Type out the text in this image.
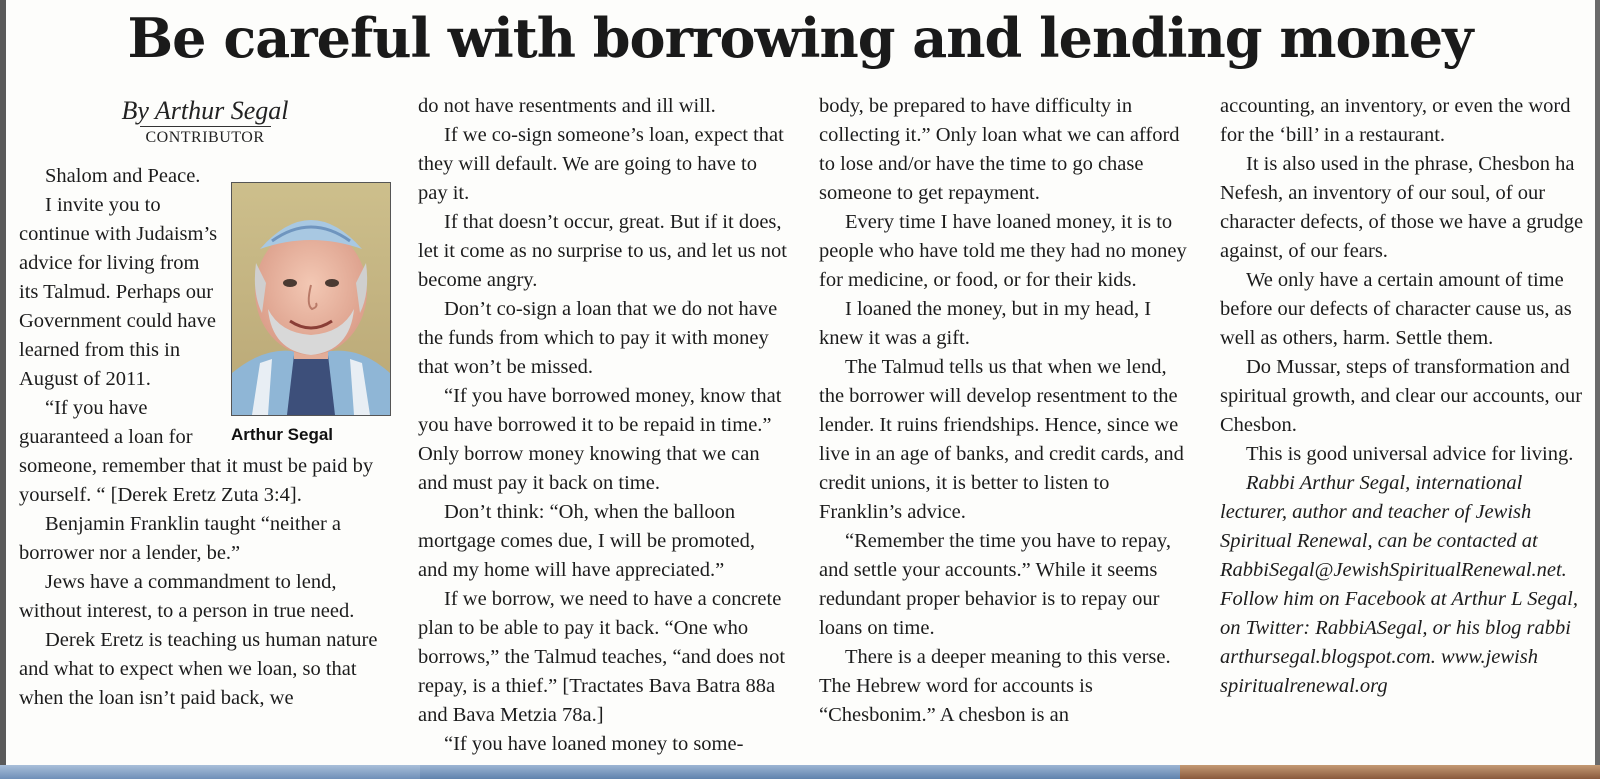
Be careful with borrowing and lending money
By Arthur Segal
CONTRIBUTOR
Arthur Segal

Shalom and Peace.

I invite you to continue with Judaism’s advice for living from its Talmud. Perhaps our Government could have learned from this in August of 2011.

“If you have guaranteed a loan for someone, remember that it must be paid by yourself. “ [Derek Eretz Zuta 3:4].

Benjamin Franklin taught “neither a borrower nor a lender, be.”

Jews have a commandment to lend, without interest, to a person in true need.

Derek Eretz is teaching us human nature and what to expect when we loan, so that when the loan isn’t paid back, we

do not have resentments and ill will.

If we co-sign someone’s loan, expect that they will default. We are going to have to pay it.

If that doesn’t occur, great. But if it does, let it come as no surprise to us, and let us not become angry.

Don’t co-sign a loan that we do not have the funds from which to pay it with money that won’t be missed.

“If you have borrowed money, know that you have borrowed it to be repaid in time.” Only borrow money knowing that we can and must pay it back on time.

Don’t think: “Oh, when the balloon mortgage comes due, I will be promoted, and my home will have appreciated.”

If we borrow, we need to have a concrete plan to be able to pay it back. “One who borrows,” the Talmud teaches, “and does not repay, is a thief.” [Tractates Bava Batra 88a and Bava Metzia 78a.]

“If you have loaned money to some-

body, be prepared to have difficulty in collecting it.” Only loan what we can afford to lose and/or have the time to go chase someone to get repayment.

Every time I have loaned money, it is to people who have told me they had no money for medicine, or food, or for their kids.

I loaned the money, but in my head, I knew it was a gift.

The Talmud tells us that when we lend, the borrower will develop resentment to the lender. It ruins friendships. Hence, since we live in an age of banks, and credit cards, and credit unions, it is better to listen to Franklin’s advice.

“Remember the time you have to repay, and settle your accounts.” While it seems redundant proper behavior is to repay our loans on time.

There is a deeper meaning to this verse. The Hebrew word for accounts is “Chesbonim.” A chesbon is an

accounting, an inventory, or even the word for the ‘bill’ in a restaurant.

It is also used in the phrase, Chesbon ha Nefesh, an inventory of our soul, of our character defects, of those we have a grudge against, of our fears.

We only have a certain amount of time before our defects of character cause us, as well as others, harm. Settle them.

Do Mussar, steps of transformation and spiritual growth, and clear our accounts, our Chesbon.

This is good universal advice for living.

Rabbi Arthur Segal, international lecturer, author and teacher of Jewish Spiritual Renewal, can be contacted at RabbiSegal@JewishSpiritualRenewal.net. Follow him on Facebook at Arthur L Segal, on Twitter: RabbiASegal, or his blog rabbi arthursegal.blogspot.com. www.jewish spiritualrenewal.org
